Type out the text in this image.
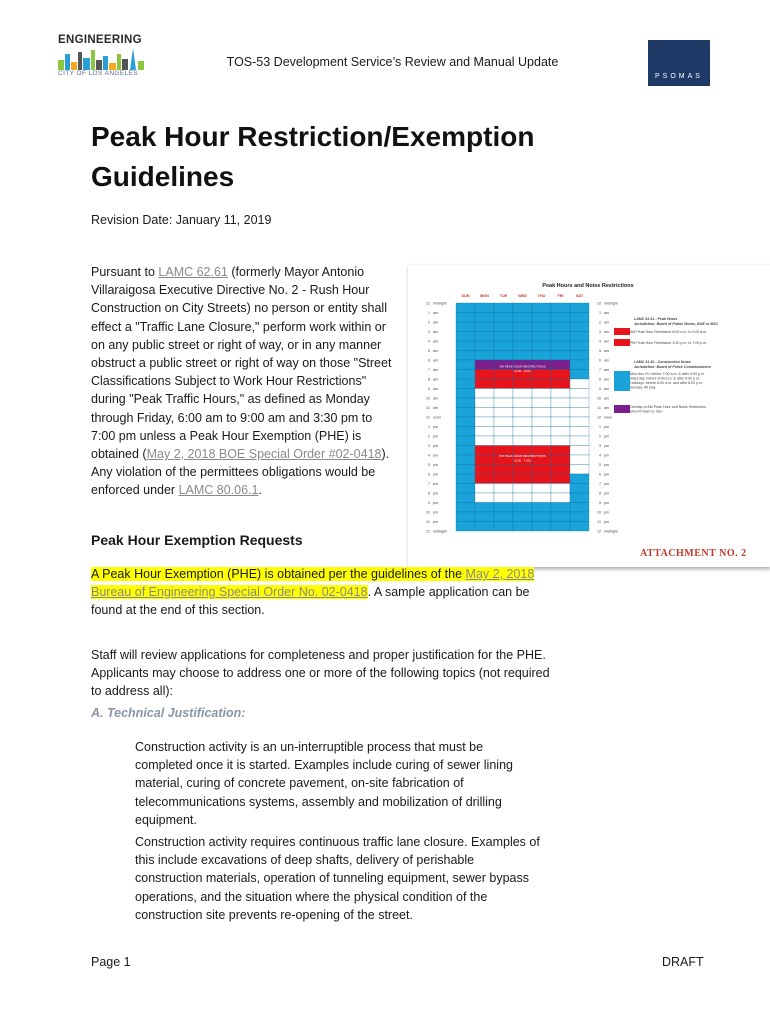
ENGINEERING
CITY OF LOS ANGELES
TOS-53 Development Service’s Review and Manual Update
PSOMAS
Peak Hour Restriction/Exemption
Guidelines
Revision Date: January 11, 2019
Pursuant to LAMC 62.61 (formerly Mayor Antonio Villaraigosa Executive Directive No. 2 - Rush Hour Construction on City Streets) no person or entity shall effect a "Traffic Lane Closure," perform work within or on any public street or right of way, or in any manner obstruct a public street or right of way on those "Street Classifications Subject to Work Hour Restrictions" during "Peak Traffic Hours," as defined as Monday through Friday, 6:00 am to 9:00 am and 3:30 pm to 7:00 pm unless a Peak Hour Exemption (PHE) is obtained (May 2, 2018 BOE Special Order #02-0418). Any violation of the permittees obligations would be enforced under LAMC 80.06.1.
Peak Hours and Noise Restrictions
SUN	MON	TUE	WED	THU	FRI	SAT
AM PEAK HOUR RESTRICTIONS
(6:00 - 9:00)
PM PEAK HOUR RESTRICTIONS
(3:30 - 7:00)
12 midnight
1 am
2 am
3 am
4 am
5 am
6 am
7 am
8 am
9 am
10 am
11 am
12 noon
1 pm
2 pm
3 pm
4 pm
5 pm
6 pm
7 pm
8 pm
9 pm
10 pm
11 pm
12 midnight
12 midnight
1 am
2 am
3 am
4 am
5 am
6 am
7 am
8 am
9 am
10 am
11 am
12 noon
1 pm
2 pm
3 pm
4 pm
5 pm
6 pm
7 pm
8 pm
9 pm
10 pm
11 pm
12 midnight
LAMC 62.61 - Peak Hours
Jurisdiction: Board of Public Works, BOE or BSS
AM Peak Hour Restriction 6:00 a.m. to 9:00 a.m.
PM Peak Hour Restriction 3:30 p.m. to 7:00 p.m.
LAMC 41.40 - Construction Noise
Jurisdiction: Board of Police Commissioners
Mon thru Fri: before 7:00 a.m. & after 9:00 p.m.
Saturday: before 8:00 a.m. & after 6:00 p.m.
Holidays: before 8:00 a.m. and after 6:00 p.m.
Sunday: All Day
Overlap of AM Peak Hour and Noise Restriction
Mon-Fri 6am to 7am
ATTACHMENT NO. 2
Peak Hour Exemption Requests
A Peak Hour Exemption (PHE) is obtained per the guidelines of the May 2, 2018 Bureau of Engineering Special Order No. 02-0418. A sample application can be found at the end of this section.
Staff will review applications for completeness and proper justification for the PHE. Applicants may choose to address one or more of the following topics (not required to address all):
A. Technical Justification:
Construction activity is an un-interruptible process that must be completed once it is started. Examples include curing of sewer lining material, curing of concrete pavement, on-site fabrication of telecommunications systems, assembly and mobilization of drilling equipment.
Construction activity requires continuous traffic lane closure. Examples of this include excavations of deep shafts, delivery of perishable construction materials, operation of tunneling equipment, sewer bypass operations, and the situation where the physical condition of the construction site prevents re-opening of the street.
Page 1	DRAFT
